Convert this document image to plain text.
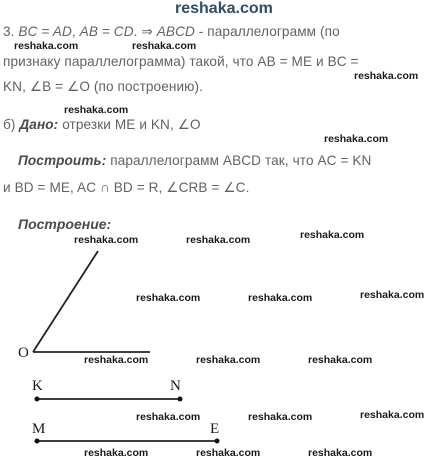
reshaka.com
3. BC = AD, AB = CD. ⇒ ABCD - параллелограмм (по
признаку параллелограмма) такой, что AB = ME и BC =
KN, ∠B = ∠O (по построению).
б) Дано: отрезки ME и KN, ∠O
Построить: параллелограмм ABCD так, что AC = KN
и BD = ME, AC ∩ BD = R, ∠CRB = ∠C.
Построение:
O
K	N
M	E
reshaka.com	reshaka.com
reshaka.com
reshaka.com
reshaka.com
reshaka.com	reshaka.com	reshaka.com
reshaka.com	reshaka.com	reshaka.com
reshaka.com	reshaka.com	reshaka.com
reshaka.com	reshaka.com	reshaka.com
reshaka.com	reshaka.com	reshaka.com
